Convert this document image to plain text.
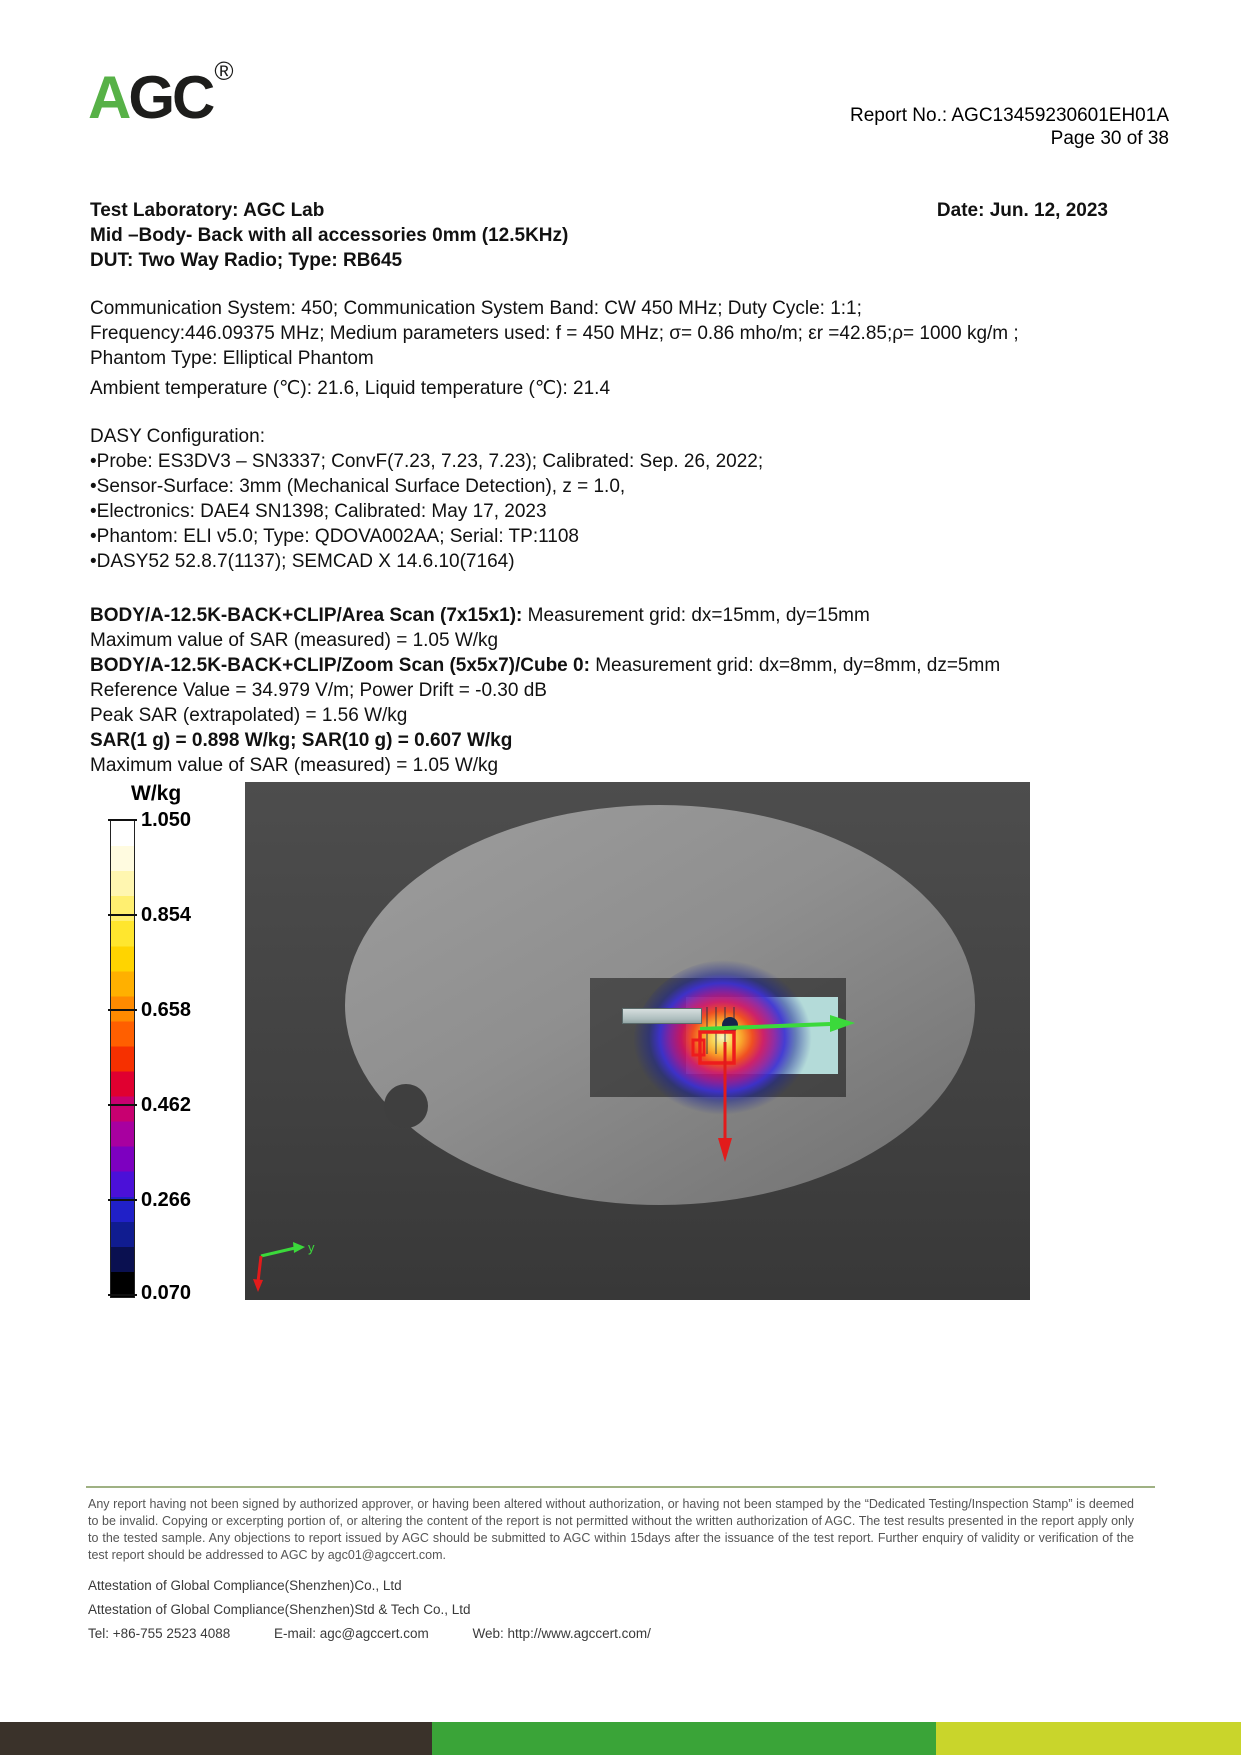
AGC®
Report No.: AGC13459230601EH01A
Page 30 of 38
Test Laboratory: AGC Lab	Date: Jun. 12, 2023
Mid –Body- Back with all accessories 0mm (12.5KHz)
DUT: Two Way Radio; Type: RB645
Communication System: 450; Communication System Band: CW 450 MHz; Duty Cycle: 1:1;
Frequency:446.09375 MHz; Medium parameters used: f = 450 MHz; σ= 0.86 mho/m; εr =42.85;ρ= 1000 kg/m ;
Phantom Type: Elliptical Phantom
Ambient temperature (℃): 21.6, Liquid temperature (℃): 21.4
DASY Configuration:
•Probe: ES3DV3 – SN3337; ConvF(7.23, 7.23, 7.23); Calibrated: Sep. 26, 2022;
•Sensor-Surface: 3mm (Mechanical Surface Detection), z = 1.0,
•Electronics: DAE4 SN1398; Calibrated: May 17, 2023
•Phantom: ELI v5.0; Type: QDOVA002AA; Serial: TP:1108
•DASY52 52.8.7(1137); SEMCAD X 14.6.10(7164)
BODY/A-12.5K-BACK+CLIP/Area Scan (7x15x1): Measurement grid: dx=15mm, dy=15mm
Maximum value of SAR (measured) = 1.05 W/kg
BODY/A-12.5K-BACK+CLIP/Zoom Scan (5x5x7)/Cube 0: Measurement grid: dx=8mm, dy=8mm, dz=5mm
Reference Value = 34.979 V/m; Power Drift = -0.30 dB
Peak SAR (extrapolated) = 1.56 W/kg
SAR(1 g) = 0.898 W/kg; SAR(10 g) = 0.607 W/kg
Maximum value of SAR (measured) = 1.05 W/kg
W/kg
1.050
0.854
0.658
0.462
0.266
0.070
y
Any report having not been signed by authorized approver, or having been altered without authorization, or having not been stamped by the “Dedicated Testing/Inspection Stamp” is deemed to be invalid. Copying or excerpting portion of, or altering the content of the report is not permitted without the written authorization of AGC. The test results presented in the report apply only to the tested sample. Any objections to report issued by AGC should be submitted to AGC within 15days after the issuance of the test report. Further enquiry of validity or verification of the test report should be addressed to AGC by agc01@agccert.com.
Attestation of Global Compliance(Shenzhen)Co., Ltd
Attestation of Global Compliance(Shenzhen)Std & Tech Co., Ltd
Tel: +86-755 2523 4088	E-mail: agc@agccert.com	Web: http://www.agccert.com/
